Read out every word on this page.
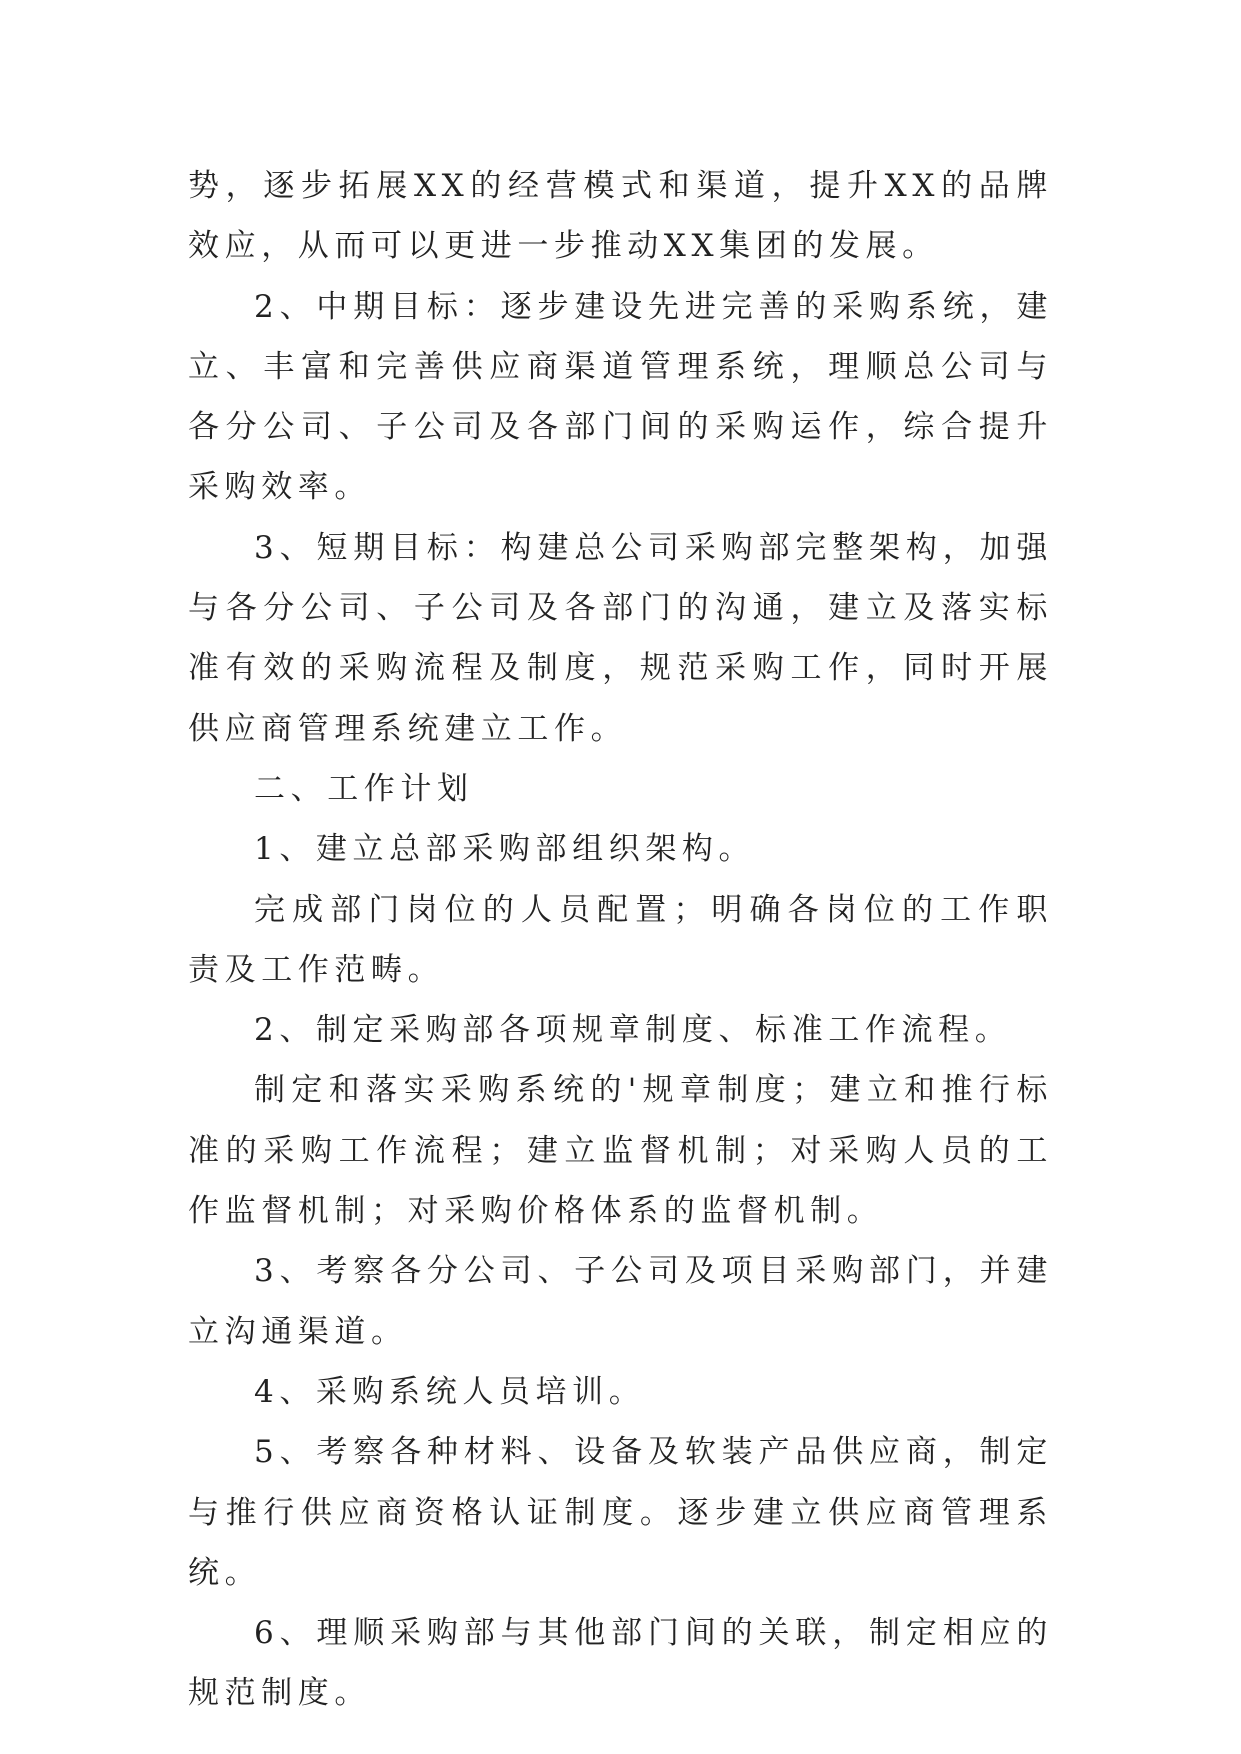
势，逐步拓展XX的经营模式和渠道，提升XX的品牌效应，从而可以更进一步推动XX集团的发展。

2、中期目标：逐步建设先进完善的采购系统，建立、丰富和完善供应商渠道管理系统，理顺总公司与各分公司、子公司及各部门间的采购运作，综合提升采购效率。

3、短期目标：构建总公司采购部完整架构，加强与各分公司、子公司及各部门的沟通，建立及落实标准有效的采购流程及制度，规范采购工作，同时开展供应商管理系统建立工作。

二、工作计划

1、建立总部采购部组织架构。

完成部门岗位的人员配置；明确各岗位的工作职责及工作范畴。

2、制定采购部各项规章制度、标准工作流程。

制定和落实采购系统的'规章制度；建立和推行标准的采购工作流程；建立监督机制；对采购人员的工作监督机制；对采购价格体系的监督机制。

3、考察各分公司、子公司及项目采购部门，并建立沟通渠道。

4、采购系统人员培训。

5、考察各种材料、设备及软装产品供应商，制定与推行供应商资格认证制度。逐步建立供应商管理系统。

6、理顺采购部与其他部门间的关联，制定相应的规范制度。
